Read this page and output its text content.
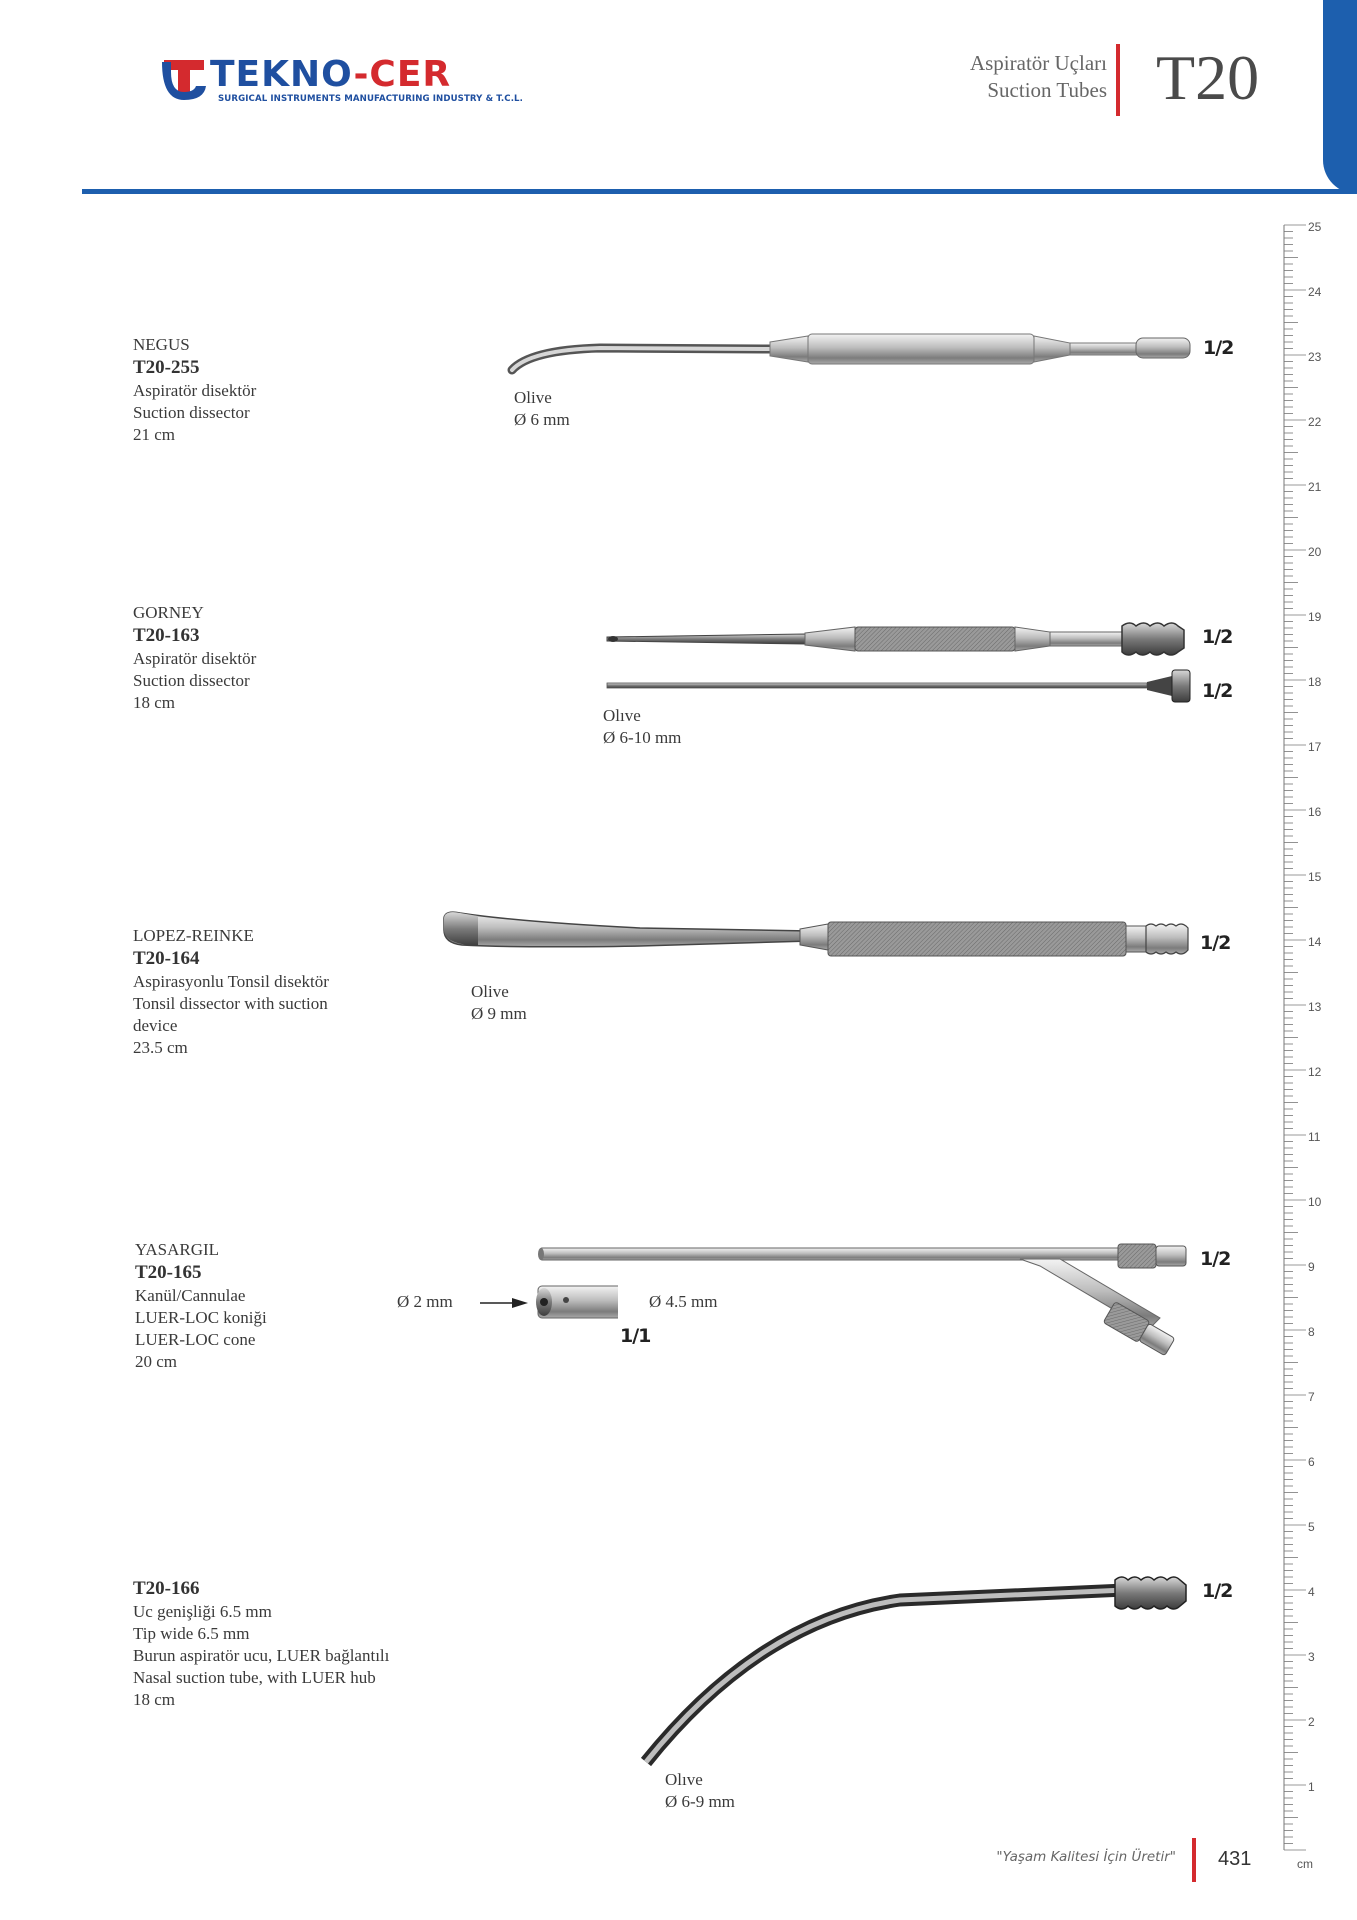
TEKNO-CER
SURGICAL INSTRUMENTS MANUFACTURING INDUSTRY & T.C.L.
Aspiratör Uçları
Suction Tubes T20
NEGUS
T20-255
Aspiratör disektör
Suction dissector
21 cm
Olive
Ø 6 mm
1/2
GORNEY
T20-163
Aspiratör disektör
Suction dissector
18 cm
Olıve
Ø 6-10 mm
1/2
1/2
LOPEZ-REINKE
T20-164
Aspirasyonlu Tonsil disektör
Tonsil dissector with suction
device
23.5 cm
Olive
Ø 9 mm
1/2
YASARGIL
T20-165
Kanül/Cannulae
LUER-LOC koniği
LUER-LOC cone
20 cm
Ø 2 mm	Ø 4.5 mm
1/2
1/1
T20-166
Uc genişliği 6.5 mm
Tip wide 6.5 mm
Burun aspiratör ucu, LUER bağlantılı
Nasal suction tube, with LUER hub
18 cm
Olıve
Ø 6-9 mm
1/2
25
24
23
22
21
20
19
18
17
16
15
14
13
12
11
10
9
8
7
6
5
4
3
2
1
cm
"Yaşam Kalitesi İçin Üretir" 431
